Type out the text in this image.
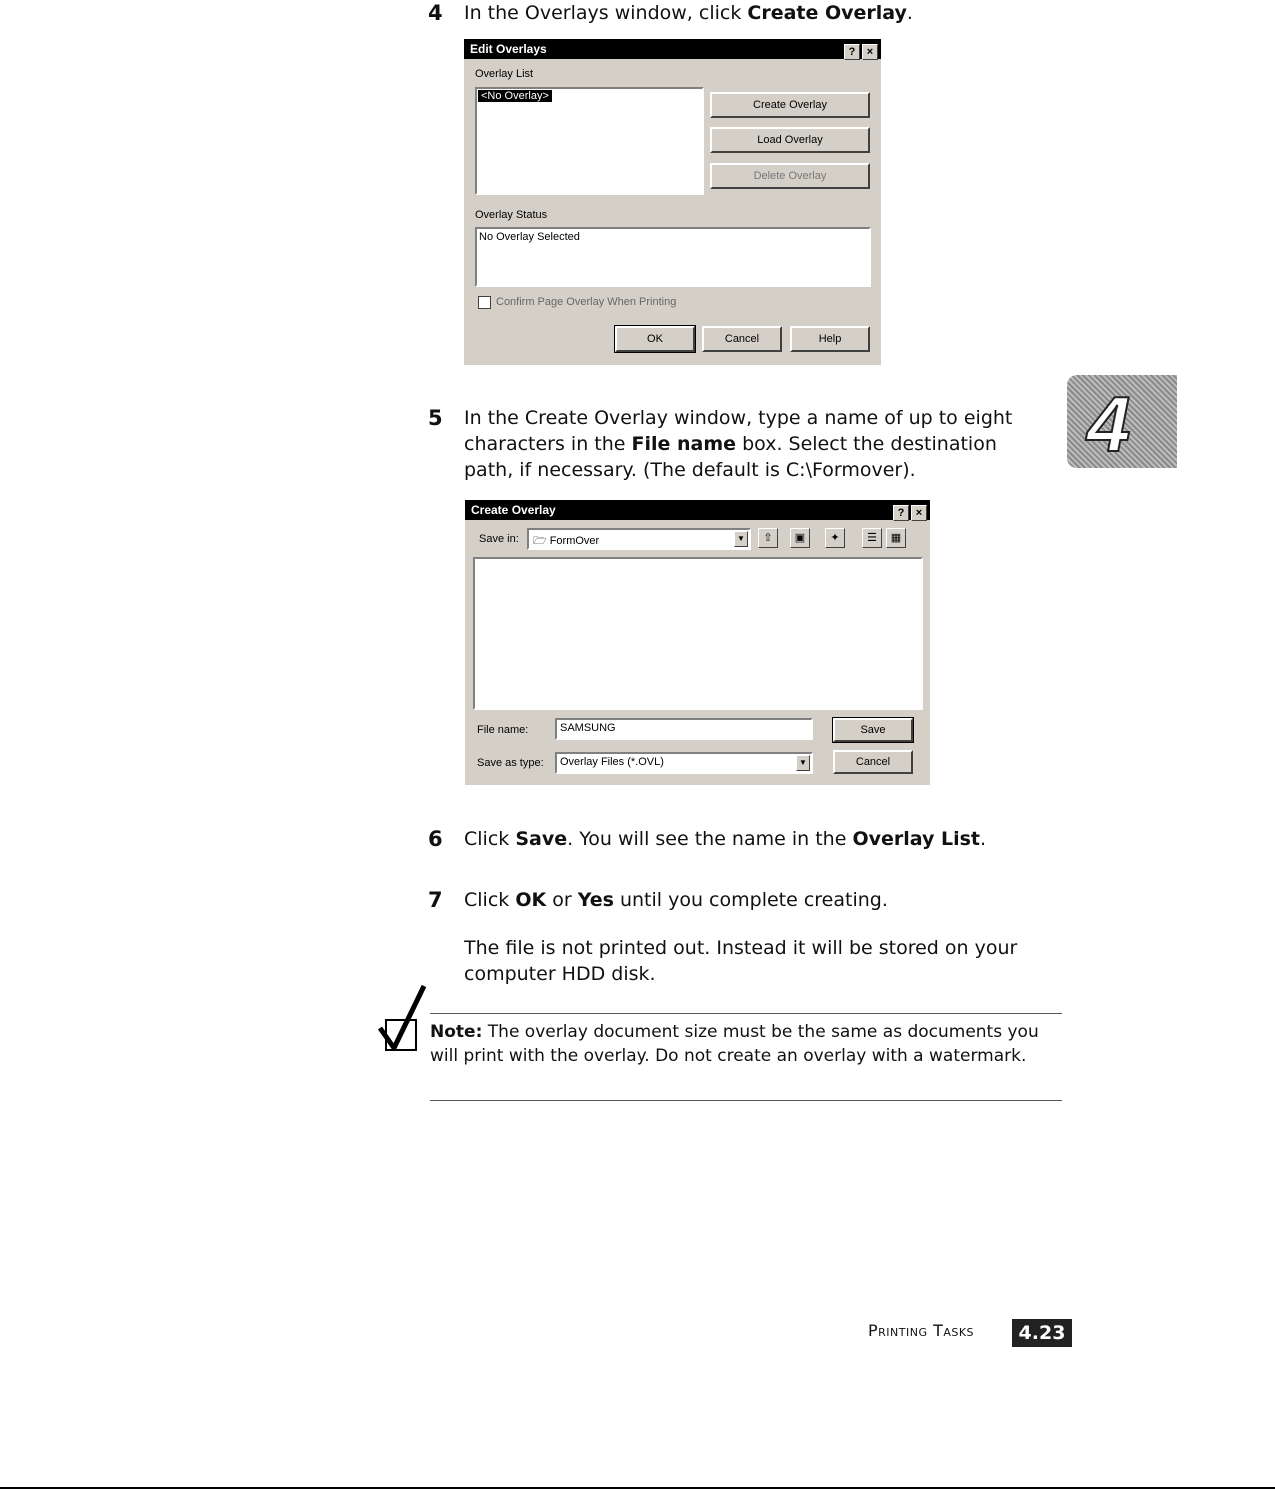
4 In the Overlays window, click Create Overlay.
Edit Overlays	? ×
Overlay List
<No Overlay>
Create Overlay
Load Overlay
Delete Overlay
Overlay Status
No Overlay Selected
Confirm Page Overlay When Printing
OK	Cancel	Help
4
5 In the Create Overlay window, type a name of up to eight
characters in the File name box. Select the destination
path, if necessary. (The default is C:\Formover).
Create Overlay	? ×
Save in:	🗁 FormOver	▼	⇧	▣	✦	☰	▦
File name:	SAMSUNG	Save
Save as type:	Overlay Files (*.OVL)	▼	Cancel
6 Click Save. You will see the name in the Overlay List.
7 Click OK or Yes until you complete creating.
The file is not printed out. Instead it will be stored on your
computer HDD disk.
Note: The overlay document size must be the same as documents you will print with the overlay. Do not create an overlay with a watermark.
Printing Tasks	4.23
